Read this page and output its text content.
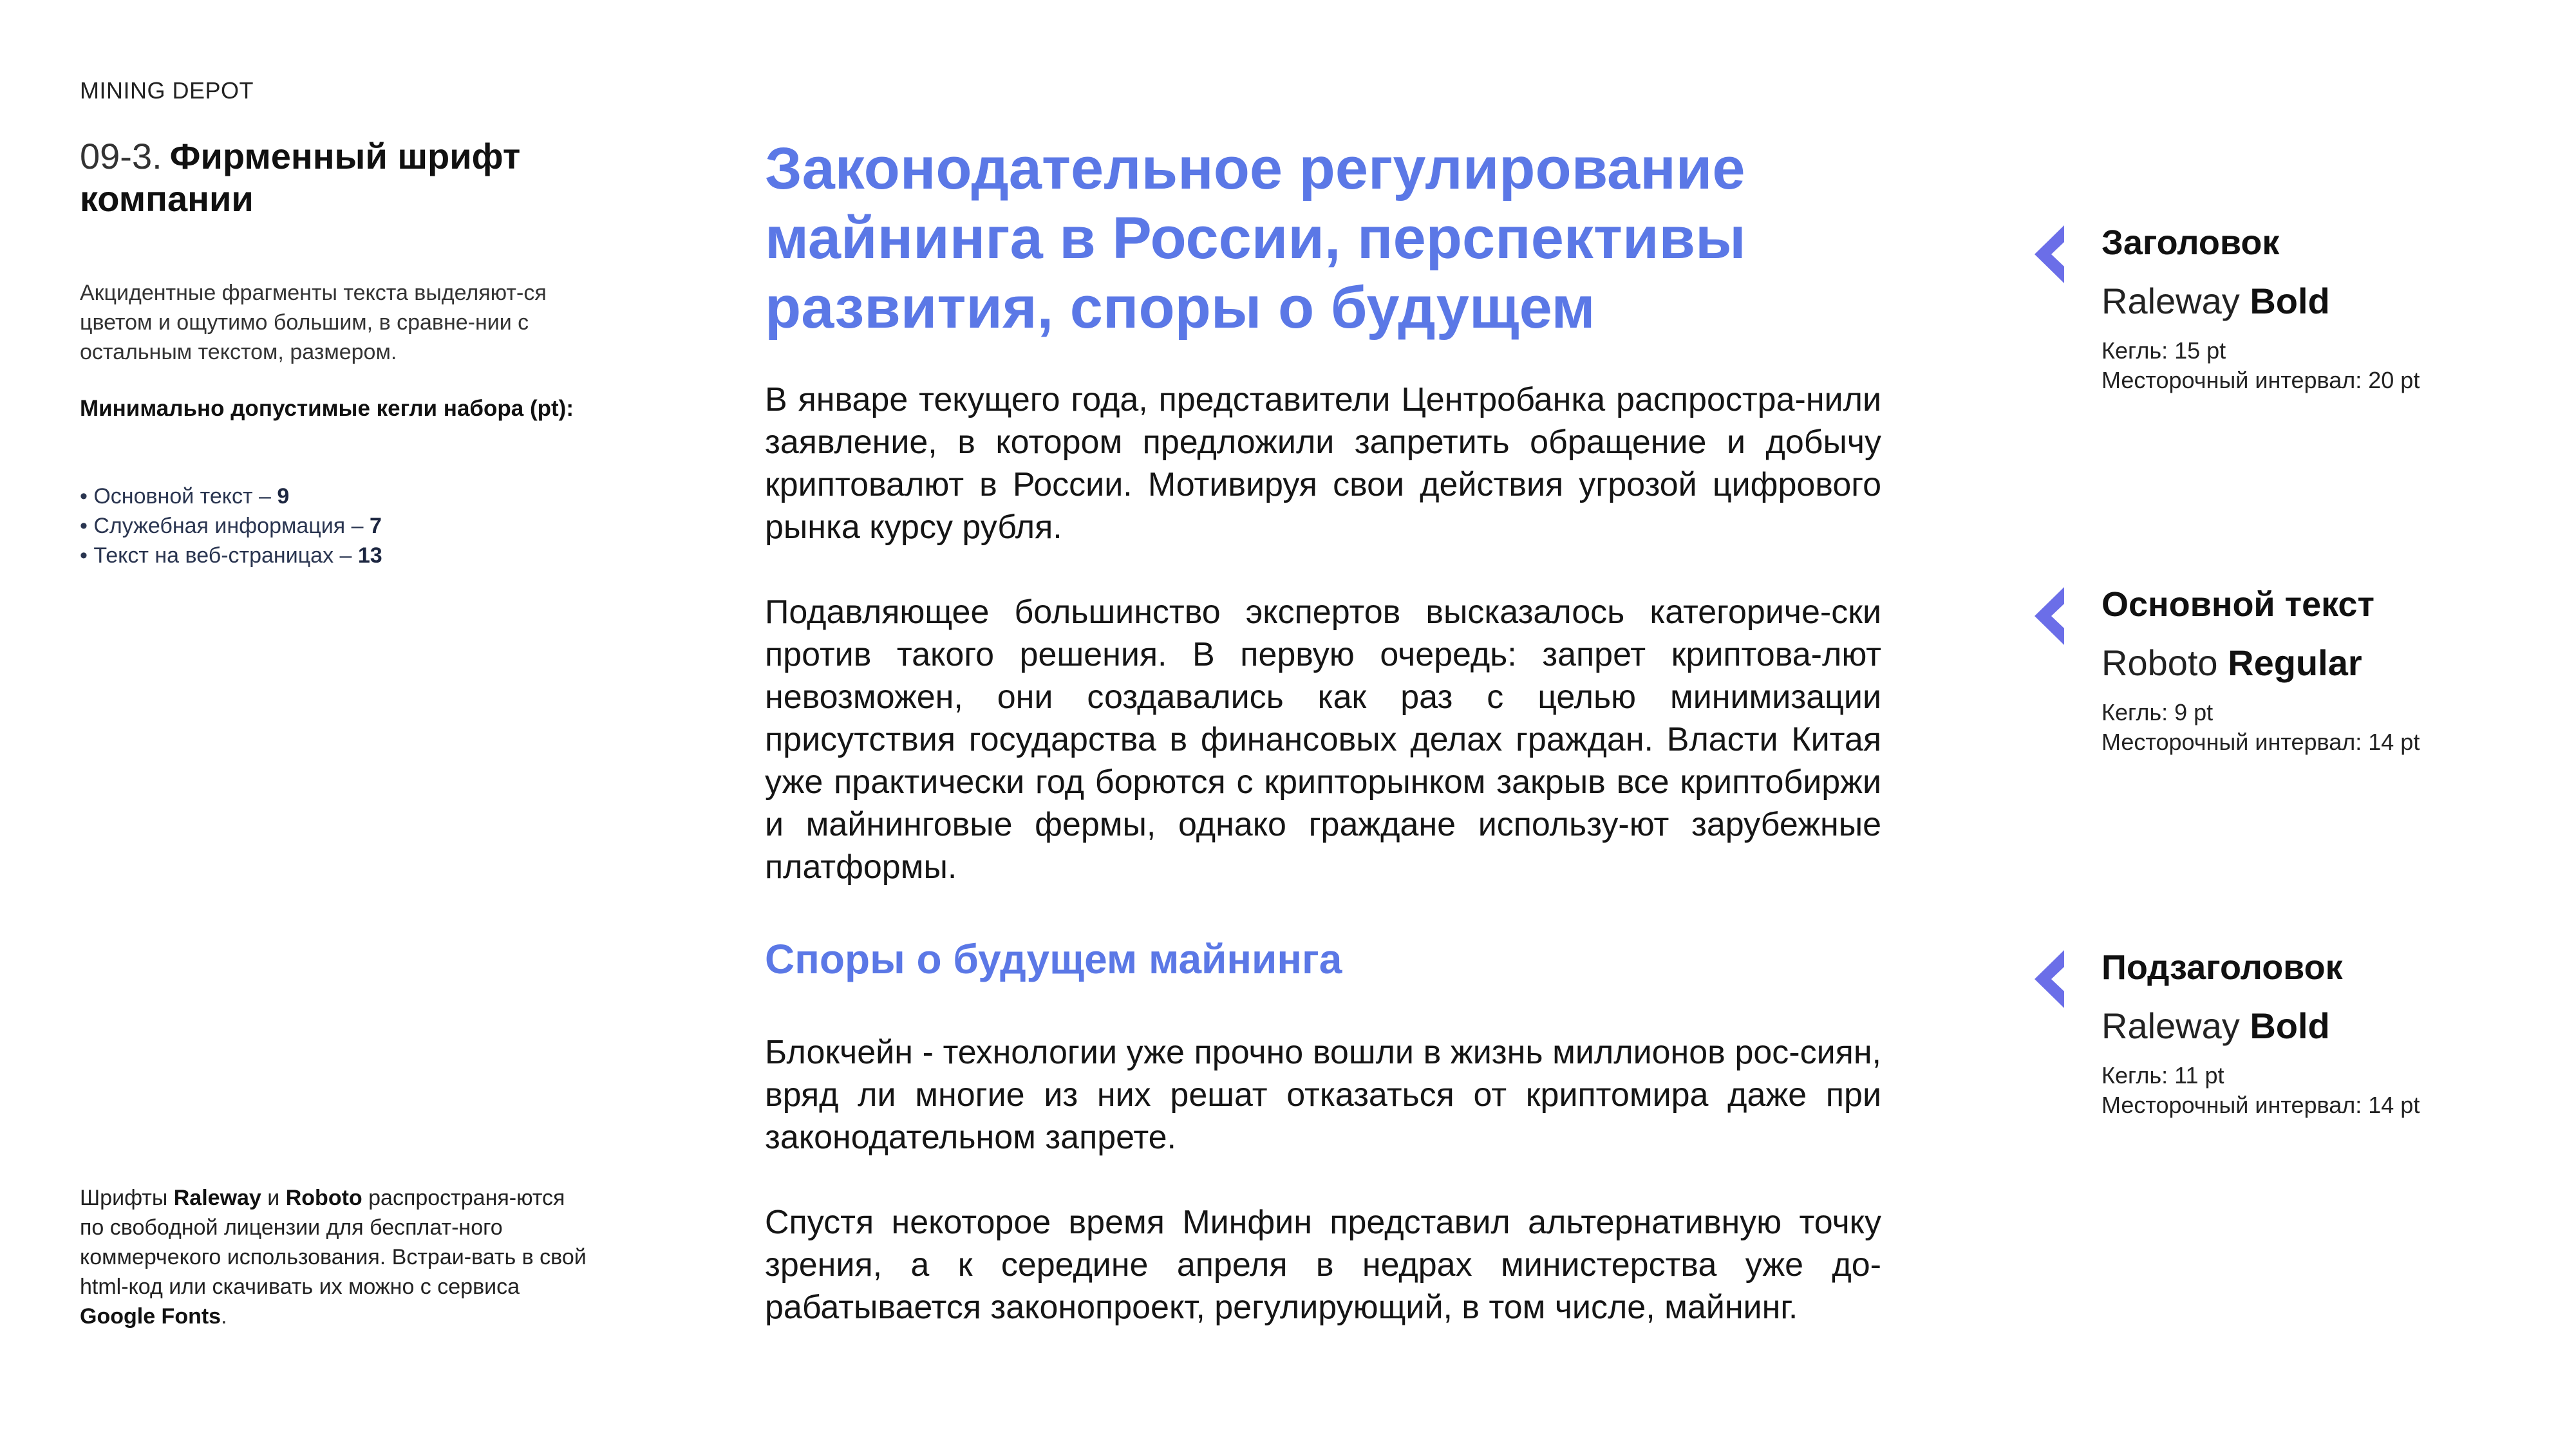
MINING DEPOT
09-3. Фирменный шрифт
компании
Акцидентные фрагменты текста выделяют-ся цветом и ощутимо большим, в сравне-нии с остальным текстом, размером.
Минимально допустимые кегли набора (pt):
• Основной текст – 9
• Служебная информация – 7
• Текст на веб-страницах – 13
Шрифты Raleway и Roboto распространя-ются по свободной лицензии для бесплат-ного коммерчекого использования. Встраи-вать в свой html-код или скачивать их можно с сервиса Google Fonts.
Законодательное регулирование майнинга в России, перспективы развития, споры о будущем

В январе текущего года, представители Центробанка распростра-нили заявление, в котором предложили запретить обращение и добычу криптовалют в России. Мотивируя свои действия угрозой цифрового рынка курсу рубля.

Подавляющее большинство экспертов высказалось категориче-ски против такого решения. В первую очередь: запрет криптова-лют невозможен, они создавались как раз с целью минимизации присутствия государства в финансовых делах граждан. Власти Китая уже практически год борются с крипторынком закрыв все криптобиржи и майнинговые фермы, однако граждане использу-ют зарубежные платформы.

Споры о будущем майнинга

Блокчейн - технологии уже прочно вошли в жизнь миллионов рос-сиян, вряд ли многие из них решат отказаться от криптомира даже при законодательном запрете.

Спустя некоторое время Минфин представил альтернативную точку зрения, а к середине апреля в недрах министерства уже до-рабатывается законопроект, регулирующий, в том числе, майнинг.

Заголовок
Raleway Bold
Кегль: 15 pt
Месторочный интервал: 20 pt
Основной текст
Roboto Regular
Кегль: 9 pt
Месторочный интервал: 14 pt
Подзаголовок
Raleway Bold
Кегль: 11 pt
Месторочный интервал: 14 pt
